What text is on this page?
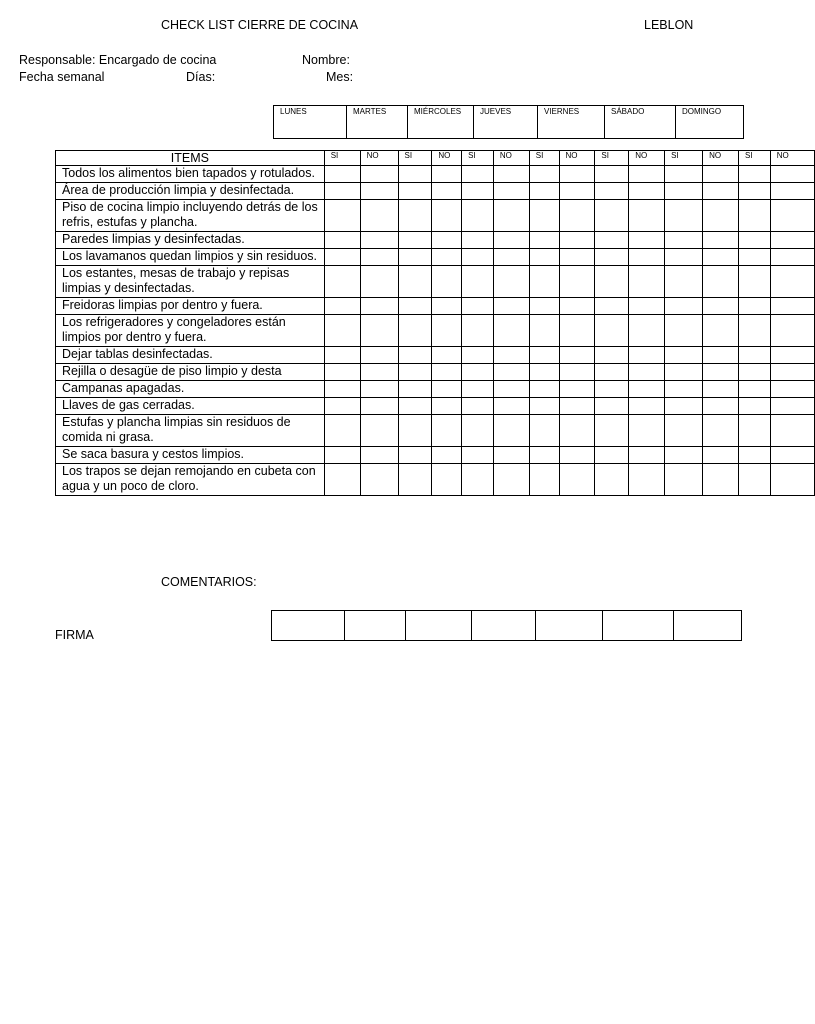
CHECK LIST CIERRE DE COCINA	LEBLON
Responsable: Encargado de cocina	Nombre:
Fecha semanal	Días:	Mes:
LUNES	MARTES	MIÉRCOLES	JUEVES	VIERNES	SÁBADO	DOMINGO
ITEMS	SI	NO	SI	NO	SI	NO	SI	NO	SI	NO	SI	NO	SI	NO
Todos los alimentos bien tapados y rotulados.														
Área de producción limpia y desinfectada.														
Piso de cocina limpio incluyendo detrás de los refris, estufas y plancha.														
Paredes limpias y desinfectadas.														
Los lavamanos quedan limpios y sin residuos.														
Los estantes, mesas de trabajo y repisas limpias y desinfectadas.														
Freidoras limpias por dentro y fuera.														
Los refrigeradores y congeladores están limpios por dentro y fuera.														
Dejar tablas desinfectadas.														
Rejilla o desagüe de piso limpio y desta														
Campanas apagadas.														
Llaves de gas cerradas.														
Estufas y plancha limpias sin residuos de comida ni grasa.														
Se saca basura y cestos limpios.														
Los trapos se dejan remojando en cubeta con agua y un poco de cloro.														
COMENTARIOS:
FIRMA
